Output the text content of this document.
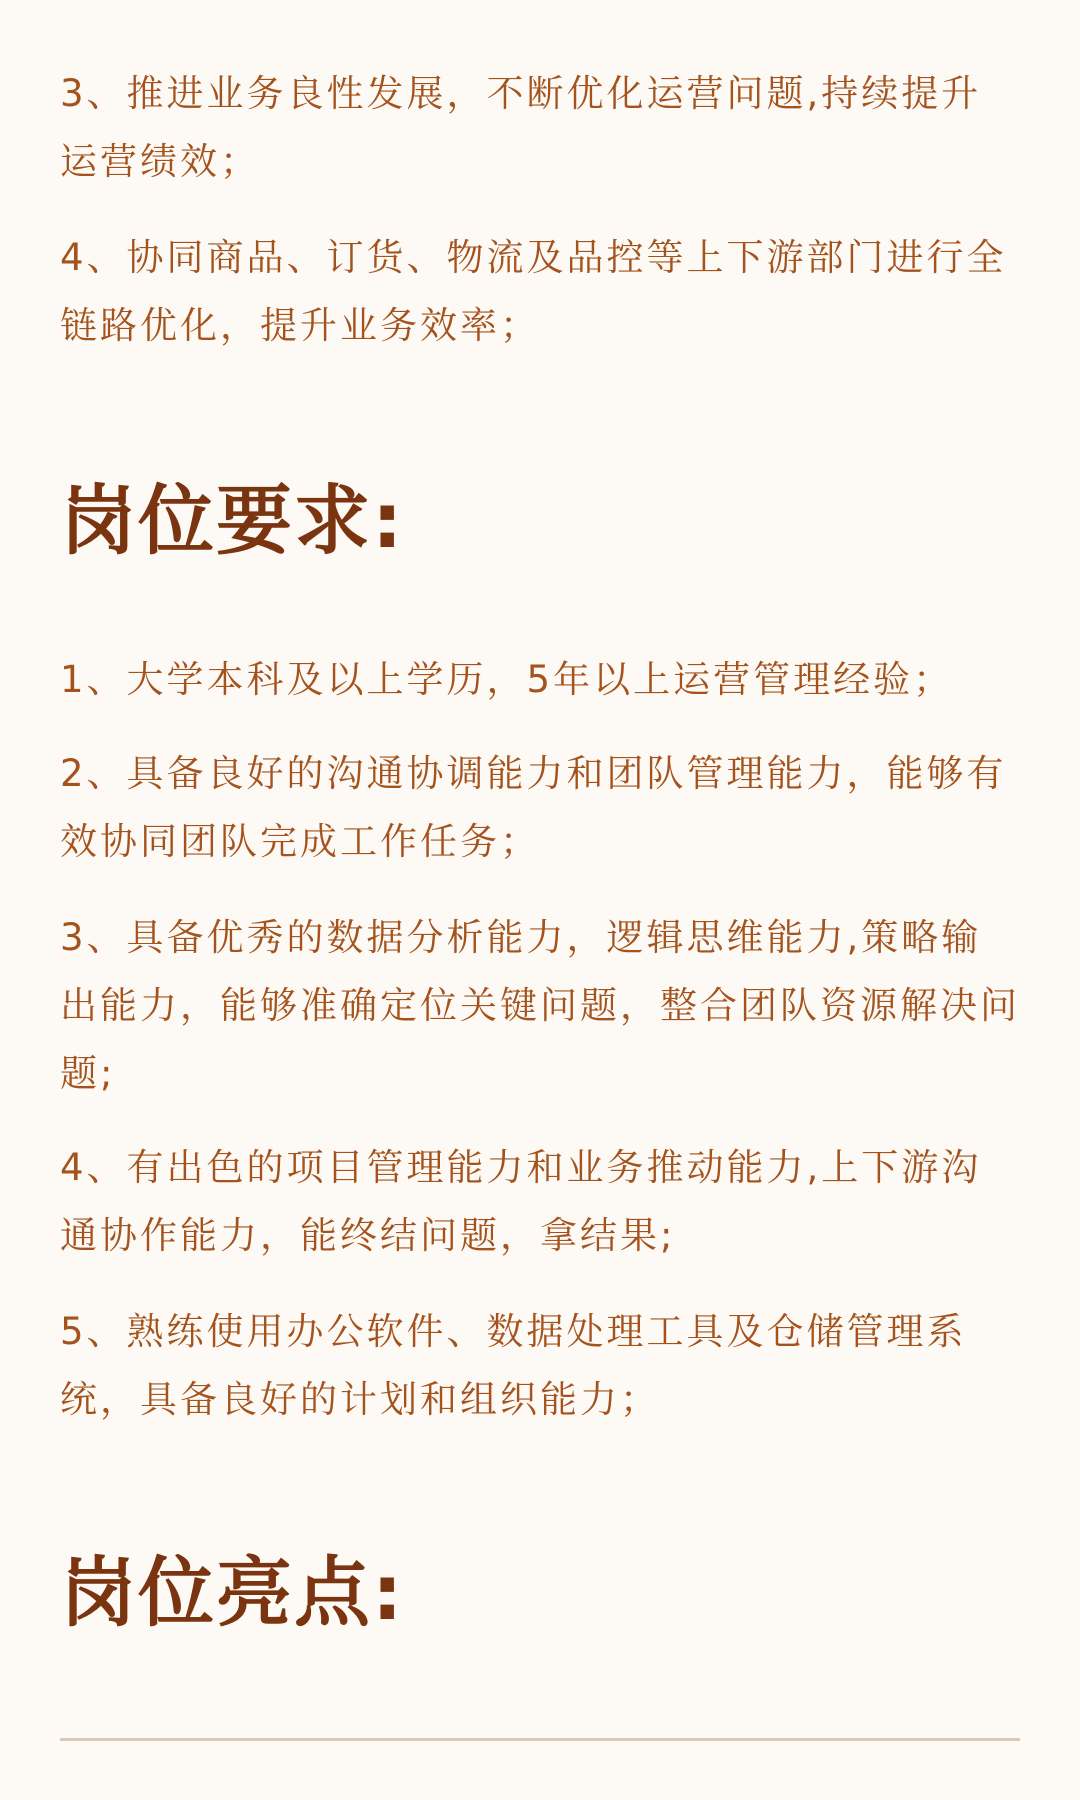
3、推进业务良性发展，不断优化运营问题,持续提升运营绩效；

4、协同商品、订货、物流及品控等上下游部门进行全链路优化，提升业务效率；

岗位要求:

1、大学本科及以上学历，5年以上运营管理经验；

2、具备良好的沟通协调能力和团队管理能力，能够有效协同团队完成工作任务；

3、具备优秀的数据分析能力，逻辑思维能力,策略输出能力，能够准确定位关键问题，整合团队资源解决问题;

4、有出色的项目管理能力和业务推动能力,上下游沟通协作能力，能终结问题，拿结果;

5、熟练使用办公软件、数据处理工具及仓储管理系统，具备良好的计划和组织能力；

岗位亮点:
